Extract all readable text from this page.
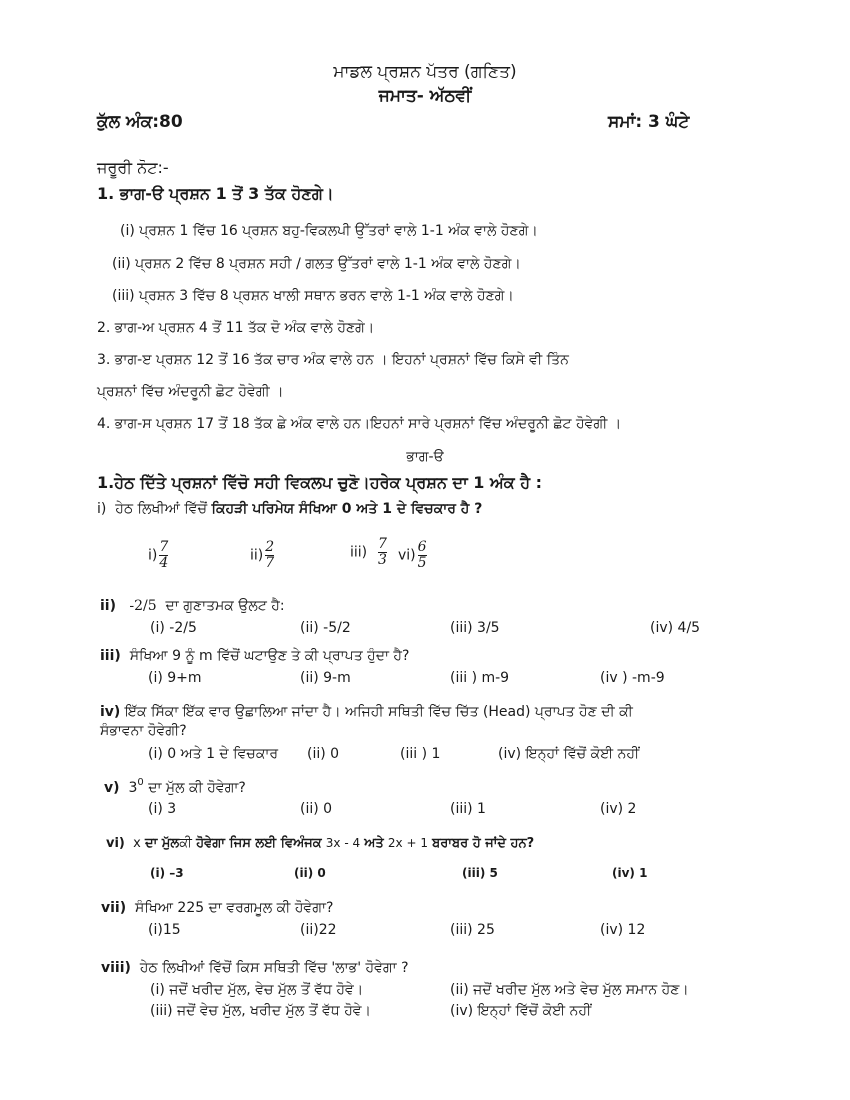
ਮਾਡਲ ਪ੍ਰਸ਼ਨ ਪੱਤਰ (ਗਣਿਤ)
ਜਮਾਤ- ਅੱਠਵੀਂ
ਕੁੱਲ ਅੰਕ:80	ਸਮਾਂ: 3 ਘੰਟੇ
ਜਰੂਰੀ ਨੋਟ:-
1. ਭਾਗ-ੳ ਪ੍ਰਸ਼ਨ 1 ਤੋਂ 3 ਤੱਕ ਹੋਣਗੇ।
(i) ਪ੍ਰਸ਼ਨ 1 ਵਿੱਚ 16 ਪ੍ਰਸ਼ਨ ਬਹੁ-ਵਿਕਲਪੀ ਉੱਤਰਾਂ ਵਾਲੇ 1-1 ਅੰਕ ਵਾਲੇ ਹੋਣਗੇ।
(ii) ਪ੍ਰਸ਼ਨ 2 ਵਿੱਚ 8 ਪ੍ਰਸ਼ਨ ਸਹੀ / ਗਲਤ ਉੱਤਰਾਂ ਵਾਲੇ 1-1 ਅੰਕ ਵਾਲੇ ਹੋਣਗੇ।
(iii) ਪ੍ਰਸ਼ਨ 3 ਵਿੱਚ 8 ਪ੍ਰਸ਼ਨ ਖਾਲੀ ਸਥਾਨ ਭਰਨ ਵਾਲੇ 1-1 ਅੰਕ ਵਾਲੇ ਹੋਣਗੇ।
2. ਭਾਗ-ਅ ਪ੍ਰਸ਼ਨ 4 ਤੋਂ 11 ਤੱਕ ਦੋ ਅੰਕ ਵਾਲੇ ਹੋਣਗੇ।
3. ਭਾਗ-ੲ ਪ੍ਰਸ਼ਨ 12 ਤੋਂ 16 ਤੱਕ ਚਾਰ ਅੰਕ ਵਾਲੇ ਹਨ । ਇਹਨਾਂ ਪ੍ਰਸ਼ਨਾਂ ਵਿੱਚ ਕਿਸੇ ਵੀ ਤਿੰਨ
ਪ੍ਰਸ਼ਨਾਂ ਵਿੱਚ ਅੰਦਰੂਨੀ ਛੋਟ ਹੋਵੇਗੀ ।
4. ਭਾਗ-ਸ ਪ੍ਰਸ਼ਨ 17 ਤੋਂ 18 ਤੱਕ ਛੇ ਅੰਕ ਵਾਲੇ ਹਨ।ਇਹਨਾਂ ਸਾਰੇ ਪ੍ਰਸ਼ਨਾਂ ਵਿੱਚ ਅੰਦਰੂਨੀ ਛੋਟ ਹੋਵੇਗੀ ।
ਭਾਗ-ੳ
1.ਹੇਠ ਦਿੱਤੇ ਪ੍ਰਸ਼ਨਾਂ ਵਿੱਚੋ ਸਹੀ ਵਿਕਲਪ ਚੁਣੋ।ਹਰੇਕ ਪ੍ਰਸ਼ਨ ਦਾ 1 ਅੰਕ ਹੈ :
i) ਹੇਠ ਲਿਖੀਆਂ ਵਿੱਚੋਂ ਕਿਹੜੀ ਪਰਿਮੇਯ ਸੰਖਿਆ 0 ਅਤੇ 1 ਦੇ ਵਿਚਕਾਰ ਹੈ ?
$i) \frac{7}{4}$	$ii) \frac{2}{7}$	$iii) \frac{7}{3} vi) \frac{6}{5}$
ii) -2/5 ਦਾ ਗੁਣਾਤਮਕ ਉਲਟ ਹੈ:
(i) -2/5	(ii) -5/2	(iii) 3/5	(iv) 4/5
iii) ਸੰਖਿਆ 9 ਨੂੰ m ਵਿੱਚੋਂ ਘਟਾਉਣ ਤੇ ਕੀ ਪ੍ਰਾਪਤ ਹੁੰਦਾ ਹੈ?
(i) 9+m	(ii) 9-m	(iii ) m-9	(iv ) -m-9
iv) ਇੱਕ ਸਿੱਕਾ ਇੱਕ ਵਾਰ ਉਛਾਲਿਆ ਜਾਂਦਾ ਹੈ। ਅਜਿਹੀ ਸਥਿਤੀ ਵਿੱਚ ਚਿੱਤ (Head) ਪ੍ਰਾਪਤ ਹੋਣ ਦੀ ਕੀ
ਸੰਭਾਵਨਾ ਹੋਵੇਗੀ?
(i) 0 ਅਤੇ 1 ਦੇ ਵਿਚਕਾਰ (ii) 0	(iii ) 1	(iv) ਇਨ੍ਹਾਂ ਵਿੱਚੋਂ ਕੋਈ ਨਹੀਂ
v) $3^0$ ਦਾ ਮੁੱਲ ਕੀ ਹੋਵੇਗਾ?
(i) 3	(ii) 0	(iii) 1	(iv) 2
vi) x ਦਾ ਮੁੱਲਕੀ ਹੋਵੇਗਾ ਜਿਸ ਲਈ ਵਿਅੰਜਕ 3x - 4 ਅਤੇ 2x + 1 ਬਰਾਬਰ ਹੋ ਜਾਂਦੇ ਹਨ?
(i) –3	(ii) 0	(iii) 5	(iv) 1
vii) ਸੰਖਿਆ 225 ਦਾ ਵਰਗਮੂਲ ਕੀ ਹੋਵੇਗਾ?
(i)15	(ii)22	(iii) 25	(iv) 12
viii) ਹੇਠ ਲਿਖੀਆਂ ਵਿੱਚੋਂ ਕਿਸ ਸਥਿਤੀ ਵਿੱਚ 'ਲਾਭ' ਹੋਵੇਗਾ ?
(i) ਜਦੋਂ ਖਰੀਦ ਮੁੱਲ, ਵੇਚ ਮੁੱਲ ਤੋਂ ਵੱਧ ਹੋਵੇ।	(ii) ਜਦੋਂ ਖਰੀਦ ਮੁੱਲ ਅਤੇ ਵੇਚ ਮੁੱਲ ਸਮਾਨ ਹੋਣ।
(iii) ਜਦੋਂ ਵੇਚ ਮੁੱਲ, ਖਰੀਦ ਮੁੱਲ ਤੋਂ ਵੱਧ ਹੋਵੇ।	(iv) ਇਨ੍ਹਾਂ ਵਿੱਚੋਂ ਕੋਈ ਨਹੀਂ
